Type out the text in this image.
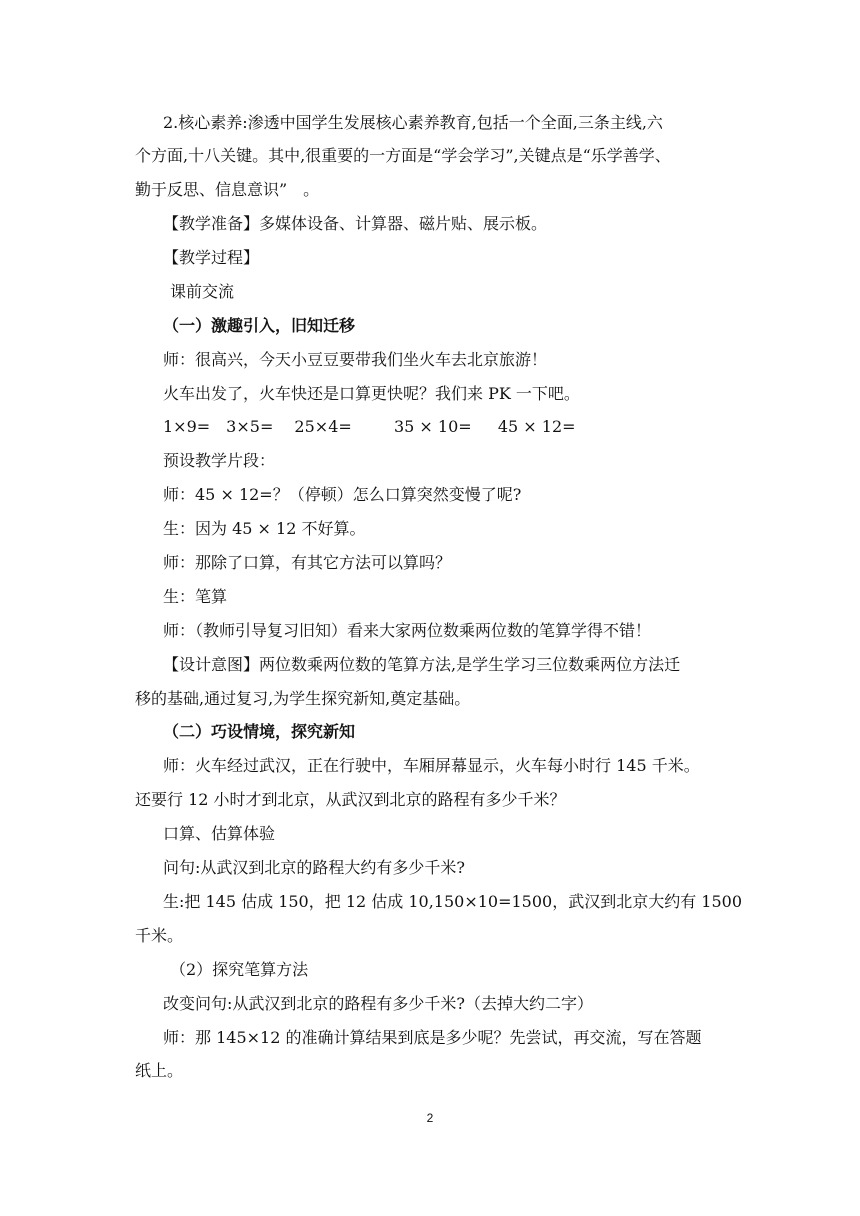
2.核心素养:渗透中国学生发展核心素养教育,包括一个全面,三条主线,六
个方面,十八关键。其中,很重要的一方面是“学会学习”,关键点是“乐学善学、
勤于反思、信息意识”　。
【教学准备】多媒体设备、计算器、磁片贴、展示板。
【教学过程】
课前交流
（一）激趣引入，旧知迁移
师：很高兴，今天小豆豆要带我们坐火车去北京旅游！
火车出发了，火车快还是口算更快呢？我们来 PK 一下吧。
1×9=　3×5=　 25×4=　 　 35 × 10= 　 45 × 12=
预设教学片段：
师：45 × 12=？（停顿）怎么口算突然变慢了呢?
生：因为 45 × 12 不好算。
师：那除了口算，有其它方法可以算吗？
生：笔算
师：（教师引导复习旧知）看来大家两位数乘两位数的笔算学得不错！
【设计意图】两位数乘两位数的笔算方法,是学生学习三位数乘两位方法迁
移的基础,通过复习,为学生探究新知,奠定基础。
（二）巧设情境，探究新知
师：火车经过武汉，正在行驶中，车厢屏幕显示，火车每小时行 145 千米。
还要行 12 小时才到北京，从武汉到北京的路程有多少千米？
口算、估算体验
问句:从武汉到北京的路程大约有多少千米?
生:把 145 估成 150，把 12 估成 10,150×10=1500，武汉到北京大约有 1500
千米。
（2）探究笔算方法
改变问句:从武汉到北京的路程有多少千米?（去掉大约二字）
师：那 145×12 的准确计算结果到底是多少呢？先尝试，再交流，写在答题
纸上。
2
